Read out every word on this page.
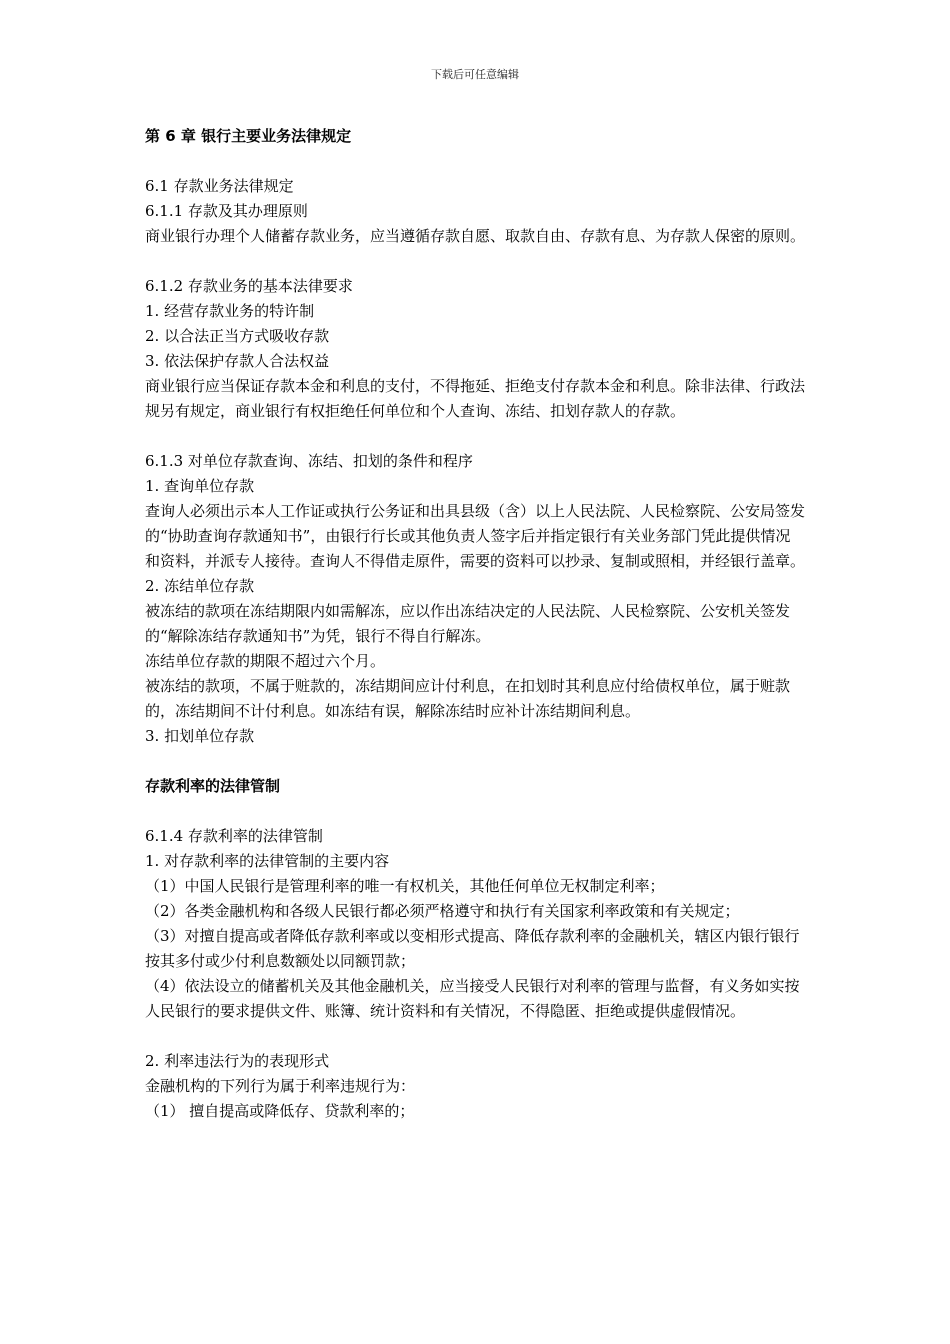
下载后可任意编辑

第 6 章 银行主要业务法律规定

6.1 存款业务法律规定

6.1.1 存款及其办理原则

商业银行办理个人储蓄存款业务，应当遵循存款自愿、取款自由、存款有息、为存款人保密的原则。

6.1.2 存款业务的基本法律要求

1. 经营存款业务的特许制

2. 以合法正当方式吸收存款

3. 依法保护存款人合法权益

商业银行应当保证存款本金和利息的支付，不得拖延、拒绝支付存款本金和利息。除非法律、行政法规另有规定，商业银行有权拒绝任何单位和个人查询、冻结、扣划存款人的存款。

6.1.3 对单位存款查询、冻结、扣划的条件和程序

1. 查询单位存款

查询人必须出示本人工作证或执行公务证和出具县级（含）以上人民法院、人民检察院、公安局签发的“协助查询存款通知书”，由银行行长或其他负责人签字后并指定银行有关业务部门凭此提供情况和资料，并派专人接待。查询人不得借走原件，需要的资料可以抄录、复制或照相，并经银行盖章。

2. 冻结单位存款

被冻结的款项在冻结期限内如需解冻，应以作出冻结决定的人民法院、人民检察院、公安机关签发的“解除冻结存款通知书”为凭，银行不得自行解冻。

冻结单位存款的期限不超过六个月。

被冻结的款项，不属于赃款的，冻结期间应计付利息，在扣划时其利息应付给债权单位，属于赃款的，冻结期间不计付利息。如冻结有误，解除冻结时应补计冻结期间利息。

3. 扣划单位存款

存款利率的法律管制

6.1.4 存款利率的法律管制

1. 对存款利率的法律管制的主要内容

（1）中国人民银行是管理利率的唯一有权机关，其他任何单位无权制定利率；

（2）各类金融机构和各级人民银行都必须严格遵守和执行有关国家利率政策和有关规定；

（3）对擅自提高或者降低存款利率或以变相形式提高、降低存款利率的金融机关，辖区内银行银行按其多付或少付利息数额处以同额罚款；

（4）依法设立的储蓄机关及其他金融机关，应当接受人民银行对利率的管理与监督，有义务如实按人民银行的要求提供文件、账簿、统计资料和有关情况，不得隐匿、拒绝或提供虚假情况。

2. 利率违法行为的表现形式

金融机构的下列行为属于利率违规行为：

（1） 擅自提高或降低存、贷款利率的；
